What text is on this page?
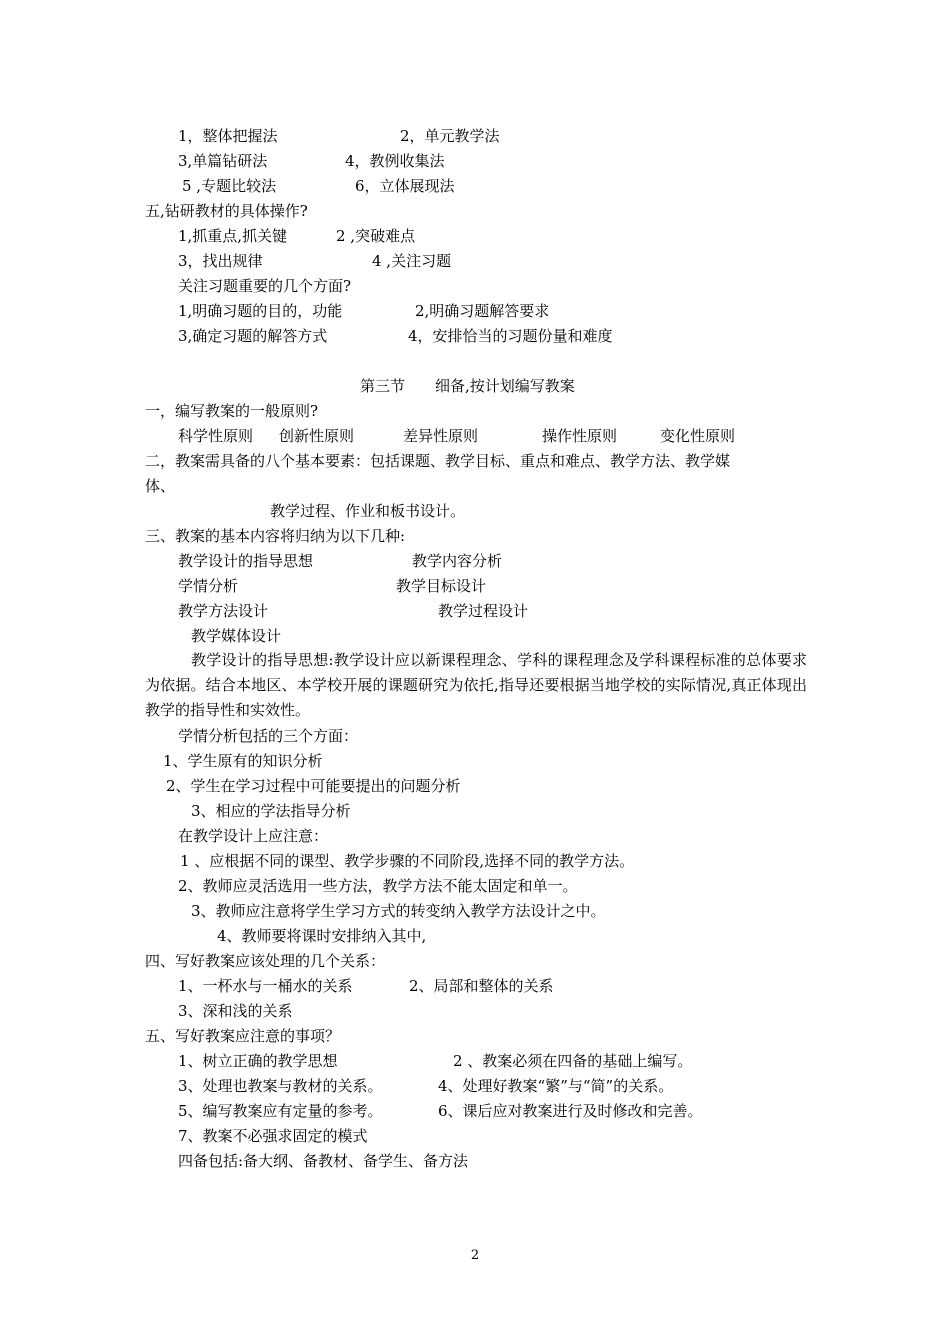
1，整体把握法	2，单元教学法
3,单篇钻研法	4，教例收集法
5 ,专题比较法	6，立体展现法
五,钻研教材的具体操作?
1,抓重点,抓关键	2 ,突破难点
3，找出规律	4 ,关注习题
关注习题重要的几个方面?
1,明确习题的目的，功能	2,明确习题解答要求
3,确定习题的解答方式	4，安排恰当的习题份量和难度
第三节 细备,按计划编写教案
一，编写教案的一般原则?
科学性原则 创新性原则	差异性原则	操作性原则	变化性原则
二，教案需具备的八个基本要素：包括课题、教学目标、重点和难点、教学方法、教学媒
体、
教学过程、作业和板书设计。
三、教案的基本内容将归纳为以下几种:
教学设计的指导思想	教学内容分析
学情分析	教学目标设计
教学方法设计	教学过程设计
教学媒体设计
教学设计的指导思想:教学设计应以新课程理念、学科的课程理念及学科课程标准的总体要求为依据。结合本地区、本学校开展的课题研究为依托,指导还要根据当地学校的实际情况,真正体现出教学的指导性和实效性。
学情分析包括的三个方面：
1、学生原有的知识分析
2、学生在学习过程中可能要提出的问题分析
3、相应的学法指导分析
在教学设计上应注意：
1 、应根据不同的课型、教学步骤的不同阶段,选择不同的教学方法。
2、教师应灵活选用一些方法，教学方法不能太固定和单一。
3、教师应注意将学生学习方式的转变纳入教学方法设计之中。
4、教师要将课时安排纳入其中,
四、写好教案应该处理的几个关系：
1、一杯水与一桶水的关系	2、局部和整体的关系
3、深和浅的关系
五、写好教案应注意的事项？
1、树立正确的教学思想	2 、教案必须在四备的基础上编写。
3、处理也教案与教材的关系。	4、处理好教案“繁”与“简”的关系。
5、编写教案应有定量的参考。	6、课后应对教案进行及时修改和完善。
7、教案不必强求固定的模式
四备包括:备大纲、备教材、备学生、备方法
2
